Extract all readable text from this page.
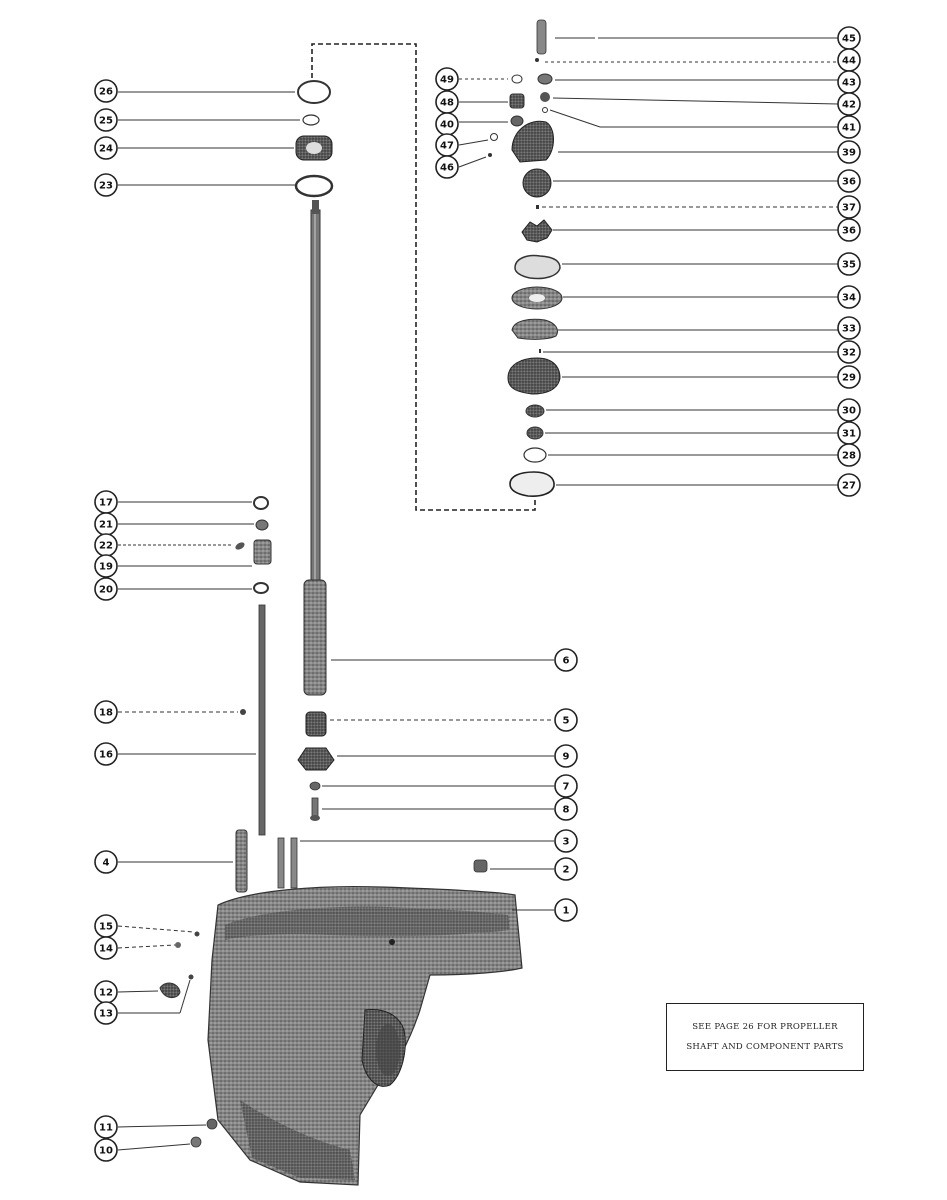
45
44
43
42
41
39
36
37
36
35
34
33
32
29
30
31
28
27
49
48
40
47
46
26
25
24
23
17
21
22
19
20
18
16
6
5
9
7
8
3
2
1
4
15
14
12
13
11
10
SEE PAGE 26 FOR PROPELLER
SHAFT AND COMPONENT PARTS
